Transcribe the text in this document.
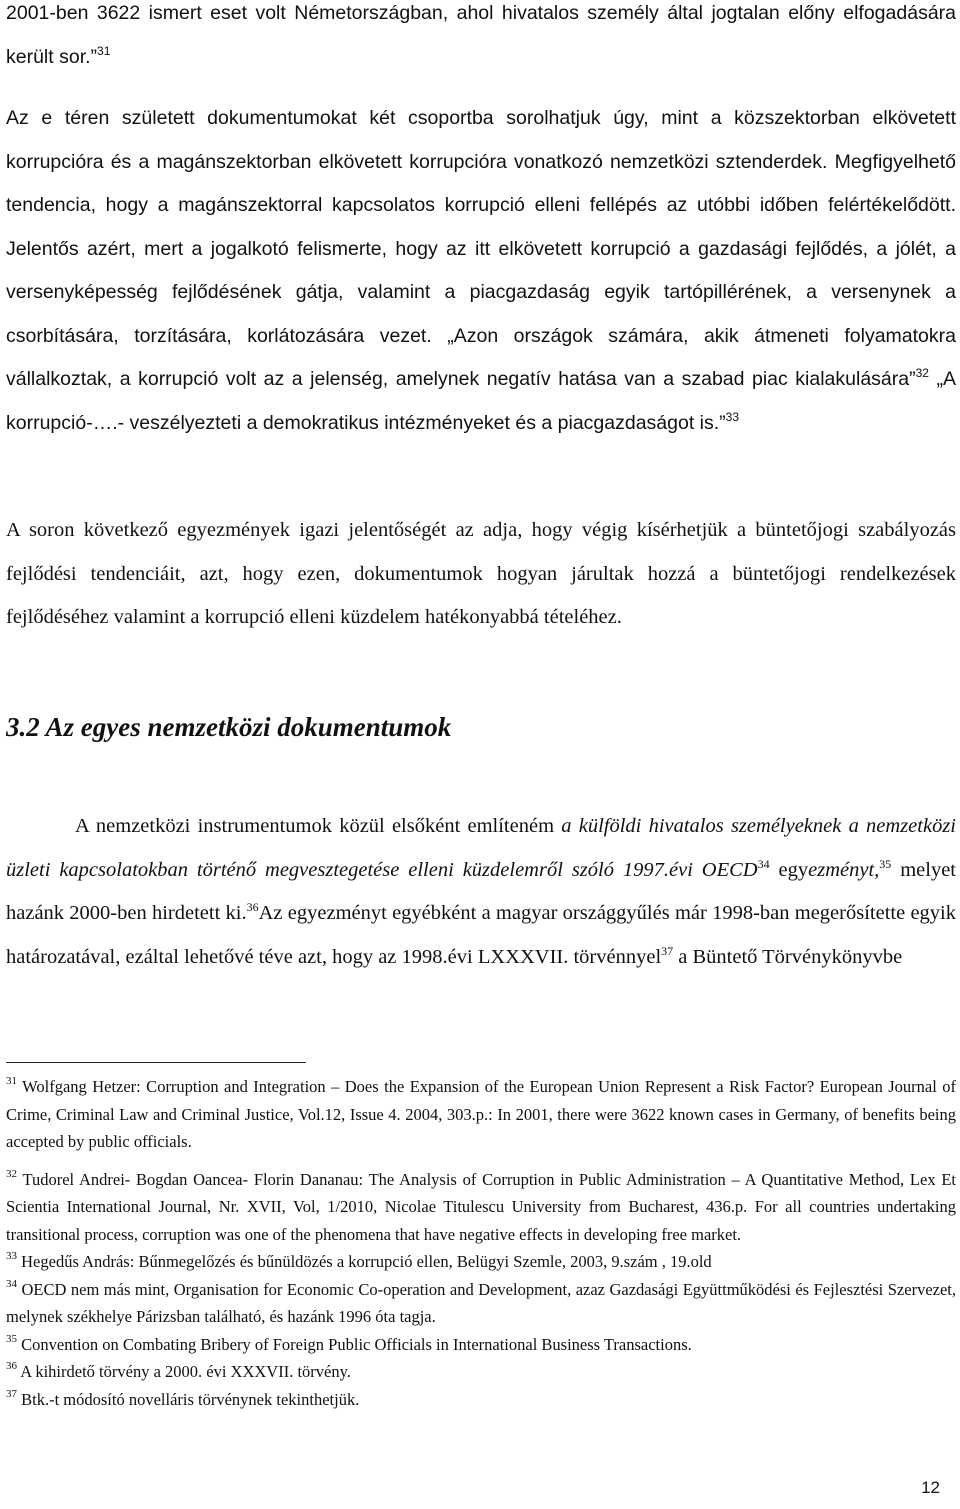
2001-ben 3622 ismert eset volt Németországban, ahol hivatalos személy által jogtalan előny elfogadására került sor.”$^{31}$

Az e téren született dokumentumokat két csoportba sorolhatjuk úgy, mint a közszektorban elkövetett korrupcióra és a magánszektorban elkövetett korrupcióra vonatkozó nemzetközi sztenderdek. Megfigyelhető tendencia, hogy a magánszektorral kapcsolatos korrupció elleni fellépés az utóbbi időben felértékelődött. Jelentős azért, mert a jogalkotó felismerte, hogy az itt elkövetett korrupció a gazdasági fejlődés, a jólét, a versenyképesség fejlődésének gátja, valamint a piacgazdaság egyik tartópillérének, a versenynek a csorbítására, torzítására, korlátozására vezet. „Azon országok számára, akik átmeneti folyamatokra vállalkoztak, a korrupció volt az a jelenség, amelynek negatív hatása van a szabad piac kialakulására”$^{32}$ „A korrupció-….- veszélyezteti a demokratikus intézményeket és a piacgazdaságot is.”$^{33}$

A soron következő egyezmények igazi jelentőségét az adja, hogy végig kísérhetjük a büntetőjogi szabályozás fejlődési tendenciáit, azt, hogy ezen, dokumentumok hogyan járultak hozzá a büntetőjogi rendelkezések fejlődéséhez valamint a korrupció elleni küzdelem hatékonyabbá tételéhez.

3.2 Az egyes nemzetközi dokumentumok

A nemzetközi instrumentumok közül elsőként említeném a külföldi hivatalos személyeknek a nemzetközi üzleti kapcsolatokban történő megvesztegetése elleni küzdelemről szóló 1997.évi OECD$^{34}$ egyezményt,$^{35}$ melyet hazánk 2000-ben hirdetett ki.$^{36}$Az egyezményt egyébként a magyar országgyűlés már 1998-ban megerősítette egyik határozatával, ezáltal lehetővé téve azt, hogy az 1998.évi LXXXVII. törvénnyel$^{37}$ a Büntető Törvénykönyvbe

$^{31}$ Wolfgang Hetzer: Corruption and Integration – Does the Expansion of the European Union Represent a Risk Factor? European Journal of Crime, Criminal Law and Criminal Justice, Vol.12, Issue 4. 2004, 303.p.: In 2001, there were 3622 known cases in Germany, of benefits being accepted by public officials.

$^{32}$ Tudorel Andrei- Bogdan Oancea- Florin Dananau: The Analysis of Corruption in Public Administration – A Quantitative Method, Lex Et Scientia International Journal, Nr. XVII, Vol, 1/2010, Nicolae Titulescu University from Bucharest, 436.p. For all countries undertaking transitional process, corruption was one of the phenomena that have negative effects in developing free market.

$^{33}$ Hegedűs András: Bűnmegelőzés és bűnüldözés a korrupció ellen, Belügyi Szemle, 2003, 9.szám , 19.old

$^{34}$ OECD nem más mint, Organisation for Economic Co-operation and Development, azaz Gazdasági Együttműködési és Fejlesztési Szervezet, melynek székhelye Párizsban található, és hazánk 1996 óta tagja.

$^{35}$ Convention on Combating Bribery of Foreign Public Officials in International Business Transactions.

$^{36}$ A kihirdető törvény a 2000. évi XXXVII. törvény.

$^{37}$ Btk.-t módosító novelláris törvénynek tekinthetjük.

12
